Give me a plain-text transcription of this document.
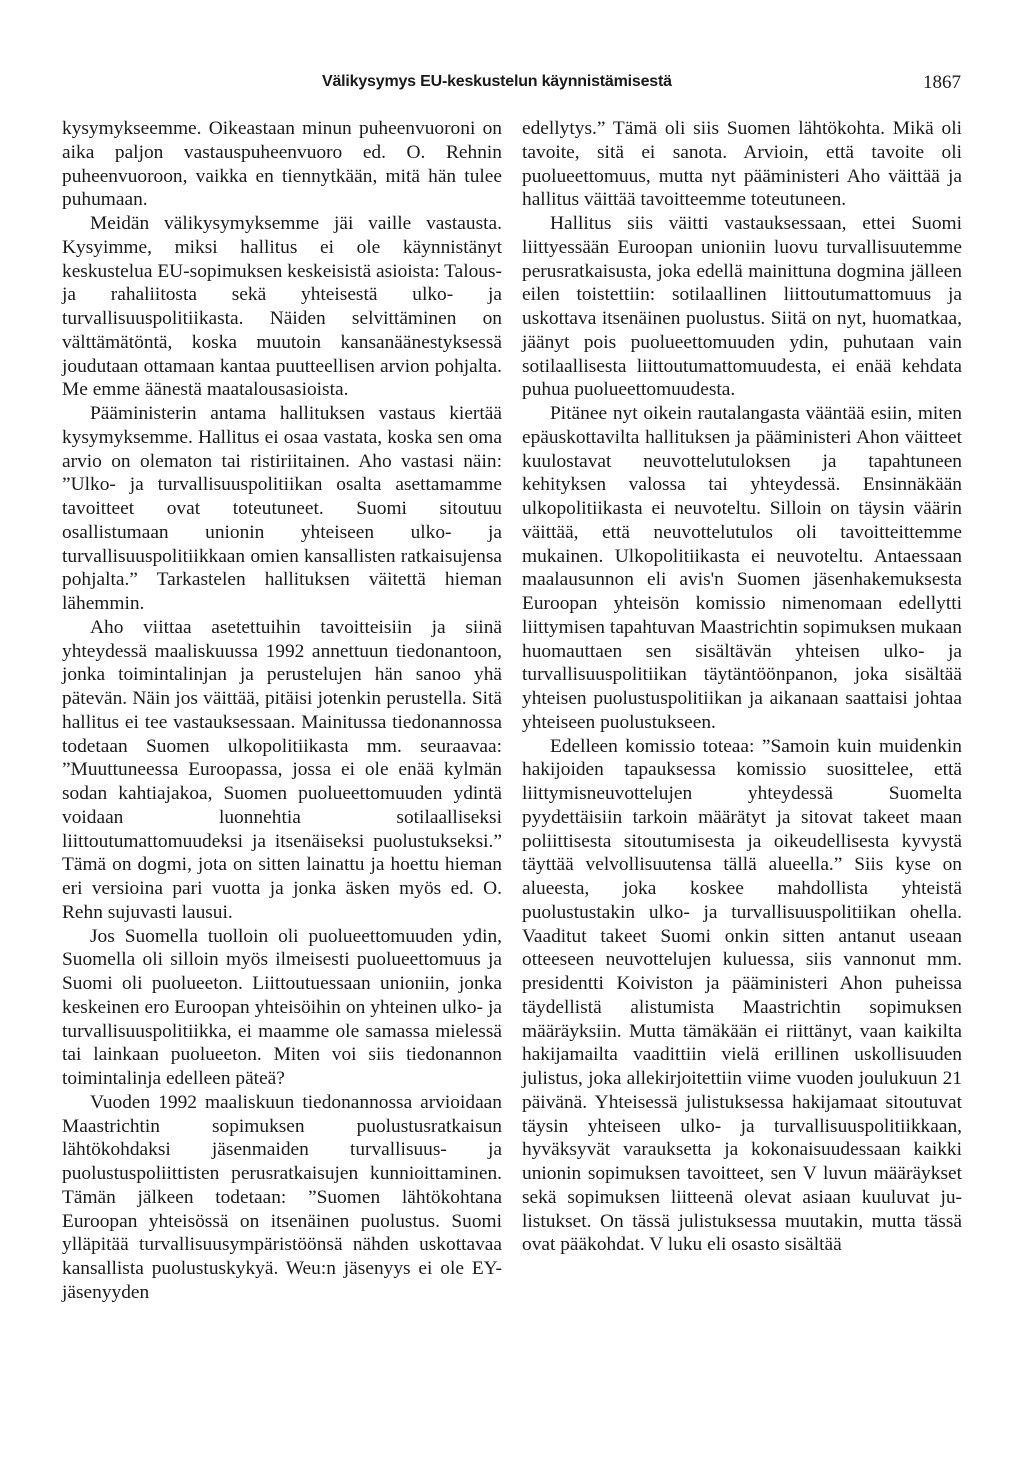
Välikysymys EU-keskustelun käynnistämisestä	1867

kysymykseemme. Oikeastaan minun puheenvuoroni on aika paljon vastauspuheenvuoro ed. O. Rehnin puheenvuoroon, vaikka en tiennytkään, mitä hän tulee puhumaan.

Meidän välikysymyksemme jäi vaille vastausta. Kysyimme, miksi hallitus ei ole käynnistänyt keskustelua EU-sopimuksen keskeisistä asioista: Talous- ja rahaliitosta sekä yhteisestä ulko- ja turvallisuuspolitiikasta. Näiden selvittäminen on välttämätöntä, koska muutoin kansanäänestyksessä joudutaan ottamaan kantaa puutteellisen arvion pohjalta. Me emme äänestä maatalousasioista.

Pääministerin antama hallituksen vastaus kiertää kysymyksemme. Hallitus ei osaa vastata, koska sen oma arvio on olematon tai ristiriitainen. Aho vastasi näin: ”Ulko- ja turvallisuuspolitiikan osalta asettamamme tavoitteet ovat toteutuneet. Suomi sitoutuu osallistumaan unionin yhteiseen ulko- ja turvallisuuspolitiikkaan omien kansallisten ratkaisujensa pohjalta.” Tarkastelen hallituksen väitettä hieman lähemmin.

Aho viittaa asetettuihin tavoitteisiin ja siinä yhteydessä maaliskuussa 1992 annettuun tiedonantoon, jonka toimintalinjan ja perustelujen hän sanoo yhä pätevän. Näin jos väittää, pitäisi jotenkin perustella. Sitä hallitus ei tee vastauksessaan. Mainitussa tiedonannossa todetaan Suomen ulkopolitiikasta mm. seuraavaa: ”Muuttuneessa Euroopassa, jossa ei ole enää kylmän sodan kahtiajakoa, Suomen puolueettomuuden ydintä voidaan luonnehtia sotilaalliseksi liittoutumattomuudeksi ja itsenäiseksi puolustukseksi.” Tämä on dogmi, jota on sitten lainattu ja hoettu hieman eri versioina pari vuotta ja jonka äsken myös ed. O. Rehn sujuvasti lausui.

Jos Suomella tuolloin oli puolueettomuuden ydin, Suomella oli silloin myös ilmeisesti puolueettomuus ja Suomi oli puolueeton. Liittoutuessaan unioniin, jonka keskeinen ero Euroopan yhteisöihin on yhteinen ulko- ja turvallisuuspolitiikka, ei maamme ole samassa mielessä tai lainkaan puolueeton. Miten voi siis tiedonannon toimintalinja edelleen päteä?

Vuoden 1992 maaliskuun tiedonannossa arvioidaan Maastrichtin sopimuksen puolustusratkaisun lähtökohdaksi jäsenmaiden turvallisuus- ja puolustuspoliittisten perusratkaisujen kunnioittaminen. Tämän jälkeen todetaan: ”Suomen lähtökohtana Euroopan yhteisössä on itsenäinen puolustus. Suomi ylläpitää turvallisuusympäristöönsä nähden uskottavaa kansallista puolustuskykyä. Weu:n jäsenyys ei ole EY-jäsenyyden

edellytys.” Tämä oli siis Suomen lähtökohta. Mikä oli tavoite, sitä ei sanota. Arvioin, että tavoite oli puolueettomuus, mutta nyt pääministeri Aho väittää ja hallitus väittää tavoitteemme toteutuneen.

Hallitus siis väitti vastauksessaan, ettei Suomi liittyessään Euroopan unioniin luovu turvallisuutemme perusratkaisusta, joka edellä mainittuna dogmina jälleen eilen toistettiin: sotilaallinen liittoutumattomuus ja uskottava itsenäinen puolustus. Siitä on nyt, huomatkaa, jäänyt pois puolueettomuuden ydin, puhutaan vain sotilaallisesta liittoutumattomuudesta, ei enää kehdata puhua puolueettomuudesta.

Pitänee nyt oikein rautalangasta vääntää esiin, miten epäuskottavilta hallituksen ja pääministeri Ahon väitteet kuulostavat neuvottelutuloksen ja tapahtuneen kehityksen valossa tai yhteydessä. Ensinnäkään ulkopolitiikasta ei neuvoteltu. Silloin on täysin väärin väittää, että neuvottelutulos oli tavoitteittemme mukainen. Ulkopolitiikasta ei neuvoteltu. Antaessaan maalausunnon eli avis'n Suomen jäsenhakemuksesta Euroopan yhteisön komissio nimenomaan edellytti liittymisen tapahtuvan Maastrichtin sopimuksen mukaan huomauttaen sen sisältävän yhteisen ulko- ja turvallisuuspolitiikan täytäntöönpanon, joka sisältää yhteisen puolustuspolitiikan ja aikanaan saattaisi johtaa yhteiseen puolustukseen.

Edelleen komissio toteaa: ”Samoin kuin muidenkin hakijoiden tapauksessa komissio suosittelee, että liittymisneuvottelujen yhteydessä Suomelta pyydettäisiin tarkoin määrätyt ja sitovat takeet maan poliittisesta sitoutumisesta ja oikeudellisesta kyvystä täyttää velvollisuutensa tällä alueella.” Siis kyse on alueesta, joka koskee mahdollista yhteistä puolustustakin ulko- ja turvallisuuspolitiikan ohella. Vaaditut takeet Suomi onkin sitten antanut useaan otteeseen neuvottelujen kuluessa, siis vannonut mm. presidentti Koiviston ja pääministeri Ahon puheissa täydellistä alistumista Maastrichtin sopimuksen määräyksiin. Mutta tämäkään ei riittänyt, vaan kaikilta hakijamailta vaadittiin vielä erillinen uskollisuuden julistus, joka allekirjoitettiin viime vuoden joulukuun 21 päivänä. Yhteisessä julistuksessa hakijamaat sitoutuvat täysin yhteiseen ulko- ja turvallisuuspolitiikkaan, hyväksyvät varauksetta ja kokonaisuudessaan kaikki unionin sopimuksen tavoitteet, sen V luvun määräykset sekä sopimuksen liitteenä olevat asiaan kuuluvat julistukset. On tässä julistuksessa muutakin, mutta tässä ovat pääkohdat. V luku eli osasto sisältää
